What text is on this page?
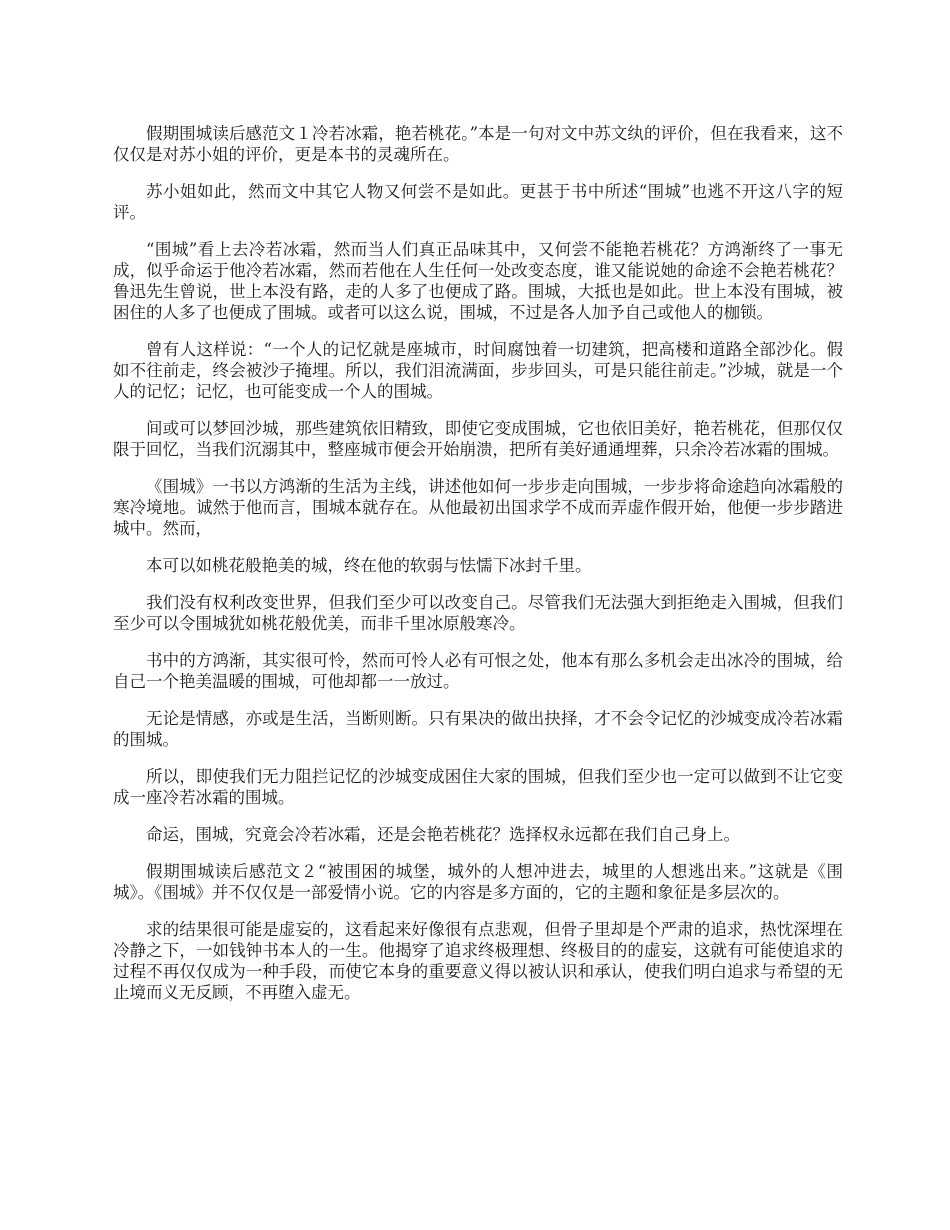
假期围城读后感范文１冷若冰霜，艳若桃花。”本是一句对文中苏文纨的评价，但在我看来，这不仅仅是对苏小姐的评价，更是本书的灵魂所在。

苏小姐如此，然而文中其它人物又何尝不是如此。更甚于书中所述“围城”也逃不开这八字的短评。

“围城”看上去冷若冰霜，然而当人们真正品味其中，又何尝不能艳若桃花？方鸿渐终了一事无成，似乎命运于他冷若冰霜，然而若他在人生任何一处改变态度，谁又能说她的命途不会艳若桃花？ 鲁迅先生曾说，世上本没有路，走的人多了也便成了路。围城，大抵也是如此。世上本没有围城，被困住的人多了也便成了围城。或者可以这么说，围城，不过是各人加予自己或他人的枷锁。

曾有人这样说：“一个人的记忆就是座城市，时间腐蚀着一切建筑，把高楼和道路全部沙化。假如不往前走，终会被沙子掩埋。所以，我们泪流满面，步步回头，可是只能往前走。”沙城，就是一个人的记忆；记忆，也可能变成一个人的围城。

间或可以梦回沙城，那些建筑依旧精致，即使它变成围城，它也依旧美好，艳若桃花，但那仅仅限于回忆，当我们沉溺其中，整座城市便会开始崩溃，把所有美好通通埋葬，只余冷若冰霜的围城。

《围城》一书以方鸿渐的生活为主线，讲述他如何一步步走向围城，一步步将命途趋向冰霜般的寒冷境地。诚然于他而言，围城本就存在。从他最初出国求学不成而弄虚作假开始，他便一步步踏进城中。然而，

本可以如桃花般艳美的城，终在他的软弱与怯懦下冰封千里。

我们没有权利改变世界，但我们至少可以改变自己。尽管我们无法强大到拒绝走入围城，但我们至少可以令围城犹如桃花般优美，而非千里冰原般寒冷。

书中的方鸿渐，其实很可怜，然而可怜人必有可恨之处，他本有那么多机会走出冰冷的围城，给自己一个艳美温暖的围城，可他却都一一放过。

无论是情感，亦或是生活，当断则断。只有果决的做出抉择，才不会令记忆的沙城变成冷若冰霜的围城。

所以，即使我们无力阻拦记忆的沙城变成困住大家的围城，但我们至少也一定可以做到不让它变成一座冷若冰霜的围城。

命运，围城，究竟会冷若冰霜，还是会艳若桃花？选择权永远都在我们自己身上。

假期围城读后感范文２“被围困的城堡，城外的人想冲进去，城里的人想逃出来。”这就是《围城》。《围城》并不仅仅是一部爱情小说。它的内容是多方面的，它的主题和象征是多层次的。

求的结果很可能是虚妄的，这看起来好像很有点悲观，但骨子里却是个严肃的追求，热忱深埋在冷静之下，一如钱钟书本人的一生。他揭穿了追求终极理想、终极目的的虚妄，这就有可能使追求的过程不再仅仅成为一种手段，而使它本身的重要意义得以被认识和承认，使我们明白追求与希望的无止境而义无反顾，不再堕入虚无。
